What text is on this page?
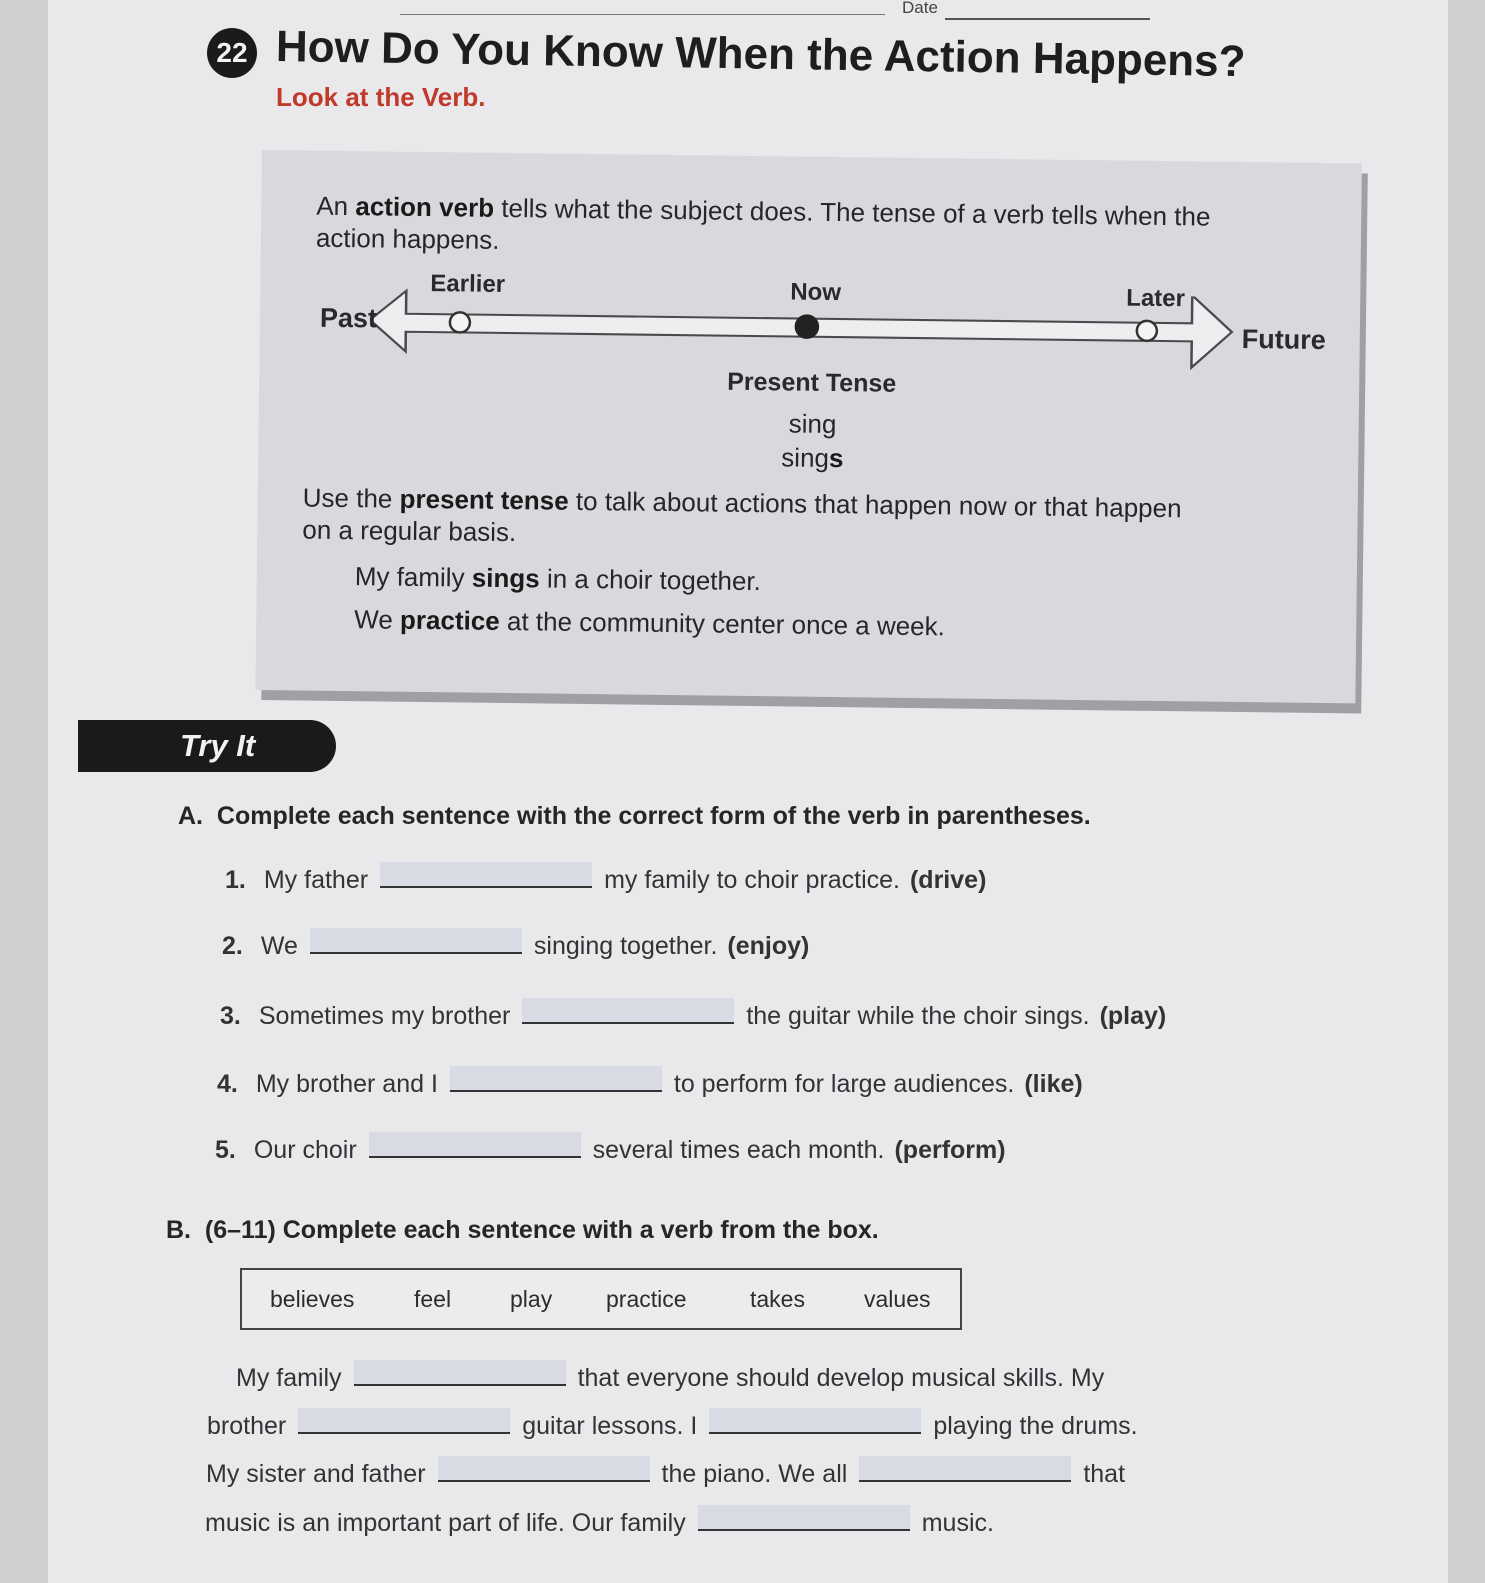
Date
22 How Do You Know When the Action Happens?
Look at the Verb.
An action verb tells what the subject does. The tense of a verb tells when the
action happens.
Earlier	Now	Later
Past
Future
Present Tense
sing
sings
Use the present tense to talk about actions that happen now or that happen
on a regular basis.
My family sings in a choir together.
We practice at the community center once a week.
Try It
A. Complete each sentence with the correct form of the verb in parentheses.
1. My father	my family to choir practice. (drive)
2. We	singing together. (enjoy)
3. Sometimes my brother	the guitar while the choir sings. (play)
4. My brother and I	to perform for large audiences. (like)
5. Our choir	several times each month. (perform)
B. (6–11) Complete each sentence with a verb from the box.
believes	feel	play practice	takes	values
My family	that everyone should develop musical skills. My
brother	guitar lessons. I	playing the drums.
My sister and father	the piano. We all	that
music is an important part of life. Our family	music.
